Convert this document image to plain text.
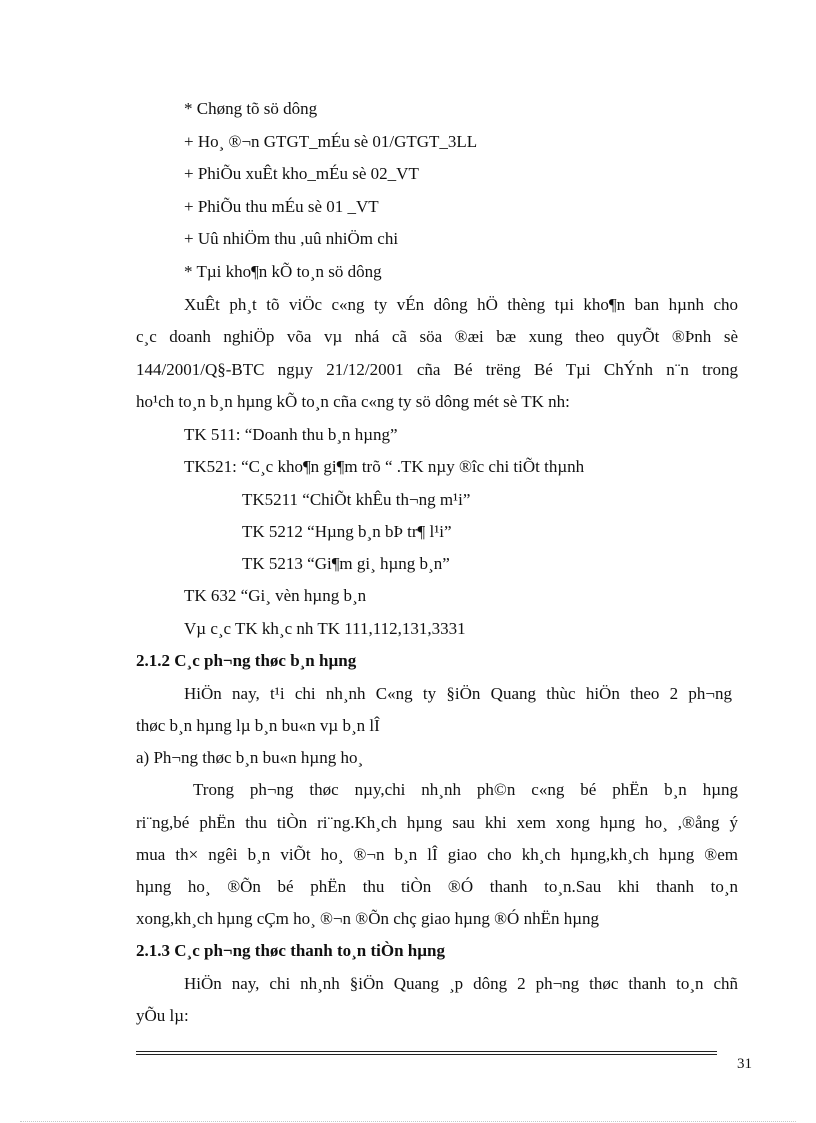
* Chøng tõ sö dông
+ Ho¸ ®¬n GTGT_mÉu sè 01/GTGT_3LL
+ PhiÕu xuÊt kho_mÉu sè 02_VT
+ PhiÕu thu mÉu sè 01 _VT
+ Uû nhiÖm thu ,uû nhiÖm chi
* Tµi kho¶n kÕ to¸n sö dông
XuÊt ph¸t tõ viÖc c«ng ty vÉn dông hÖ thèng tµi kho¶n ban hµnh cho
c¸c doanh nghiÖp võa vµ nhá cã söa ®æi bæ xung theo quyÕt ®Þnh sè
144/2001/Q§-BTC ngµy 21/12/2001 cña Bé trëng Bé Tµi ChÝnh n¨n trong
ho¹ch to¸n b¸n hµng kÕ to¸n cña c«ng ty sö dông mét sè TK nh:
TK 511: “Doanh thu b¸n hµng”
TK521: “C¸c kho¶n gi¶m trõ “ .TK nµy ®îc chi tiÕt thµnh
TK5211 “ChiÕt khÊu th¬ng m¹i”
TK 5212 “Hµng b¸n bÞ tr¶ l¹i”
TK 5213 “Gi¶m gi¸ hµng b¸n”
TK 632 “Gi¸ vèn hµng b¸n
Vµ c¸c TK kh¸c nh TK 111,112,131,3331
2.1.2 C¸c ph¬ng thøc b¸n hµng
HiÖn nay, t¹i chi nh¸nh C«ng ty §iÖn Quang thùc hiÖn theo 2 ph¬ng
thøc b¸n hµng lµ b¸n bu«n vµ b¸n lÎ
a) Ph¬ng thøc b¸n bu«n hµng ho¸
Trong ph¬ng thøc nµy,chi nh¸nh ph©n c«ng bé phËn b¸n hµng
ri¨ng,bé phËn thu tiÒn ri¨ng.Kh¸ch hµng sau khi xem xong hµng ho¸ ,®ång ý
mua th× ngêi b¸n viÕt ho¸ ®¬n b¸n lÎ giao cho kh¸ch hµng,kh¸ch hµng ®em
hµng ho¸ ®Õn bé phËn thu tiÒn ®Ó thanh to¸n.Sau khi thanh to¸n
xong,kh¸ch hµng cÇm ho¸ ®¬n ®Õn chç giao hµng ®Ó nhËn hµng
2.1.3 C¸c ph¬ng thøc thanh to¸n tiÒn hµng
HiÖn nay, chi nh¸nh §iÖn Quang ¸p dông 2 ph¬ng thøc thanh to¸n chñ
yÕu lµ:
31
